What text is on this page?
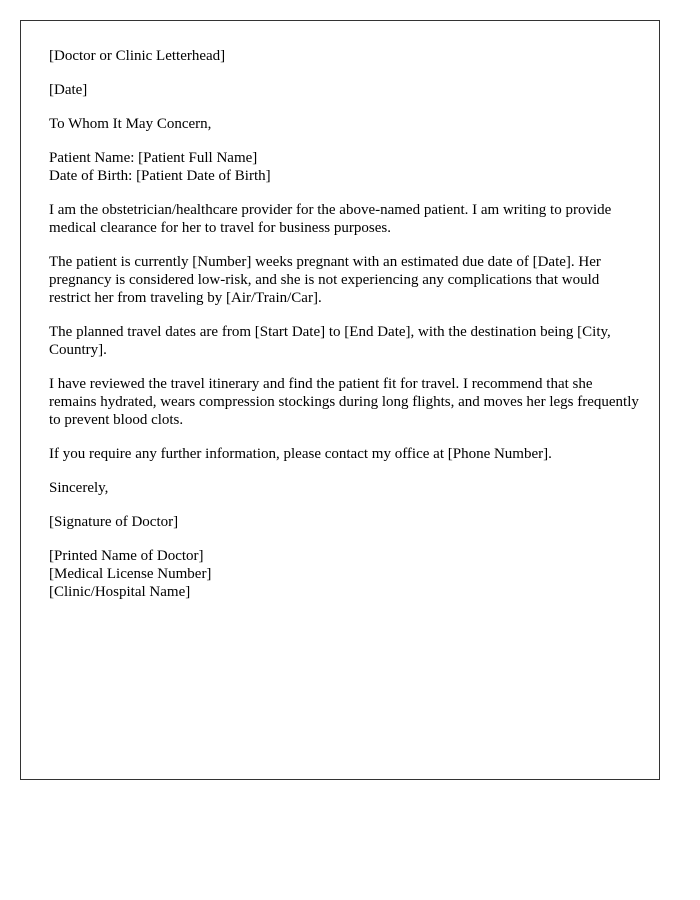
[Doctor or Clinic Letterhead]
[Date]
To Whom It May Concern,
Patient Name: [Patient Full Name]
Date of Birth: [Patient Date of Birth]
I am the obstetrician/healthcare provider for the above-named patient. I am writing to provide medical clearance for her to travel for business purposes.
The patient is currently [Number] weeks pregnant with an estimated due date of [Date]. Her pregnancy is considered low-risk, and she is not experiencing any complications that would restrict her from traveling by [Air/Train/Car].
The planned travel dates are from [Start Date] to [End Date], with the destination being [City, Country].
I have reviewed the travel itinerary and find the patient fit for travel. I recommend that she remains hydrated, wears compression stockings during long flights, and moves her legs frequently to prevent blood clots.
If you require any further information, please contact my office at [Phone Number].
Sincerely,
[Signature of Doctor]
[Printed Name of Doctor]
[Medical License Number]
[Clinic/Hospital Name]
